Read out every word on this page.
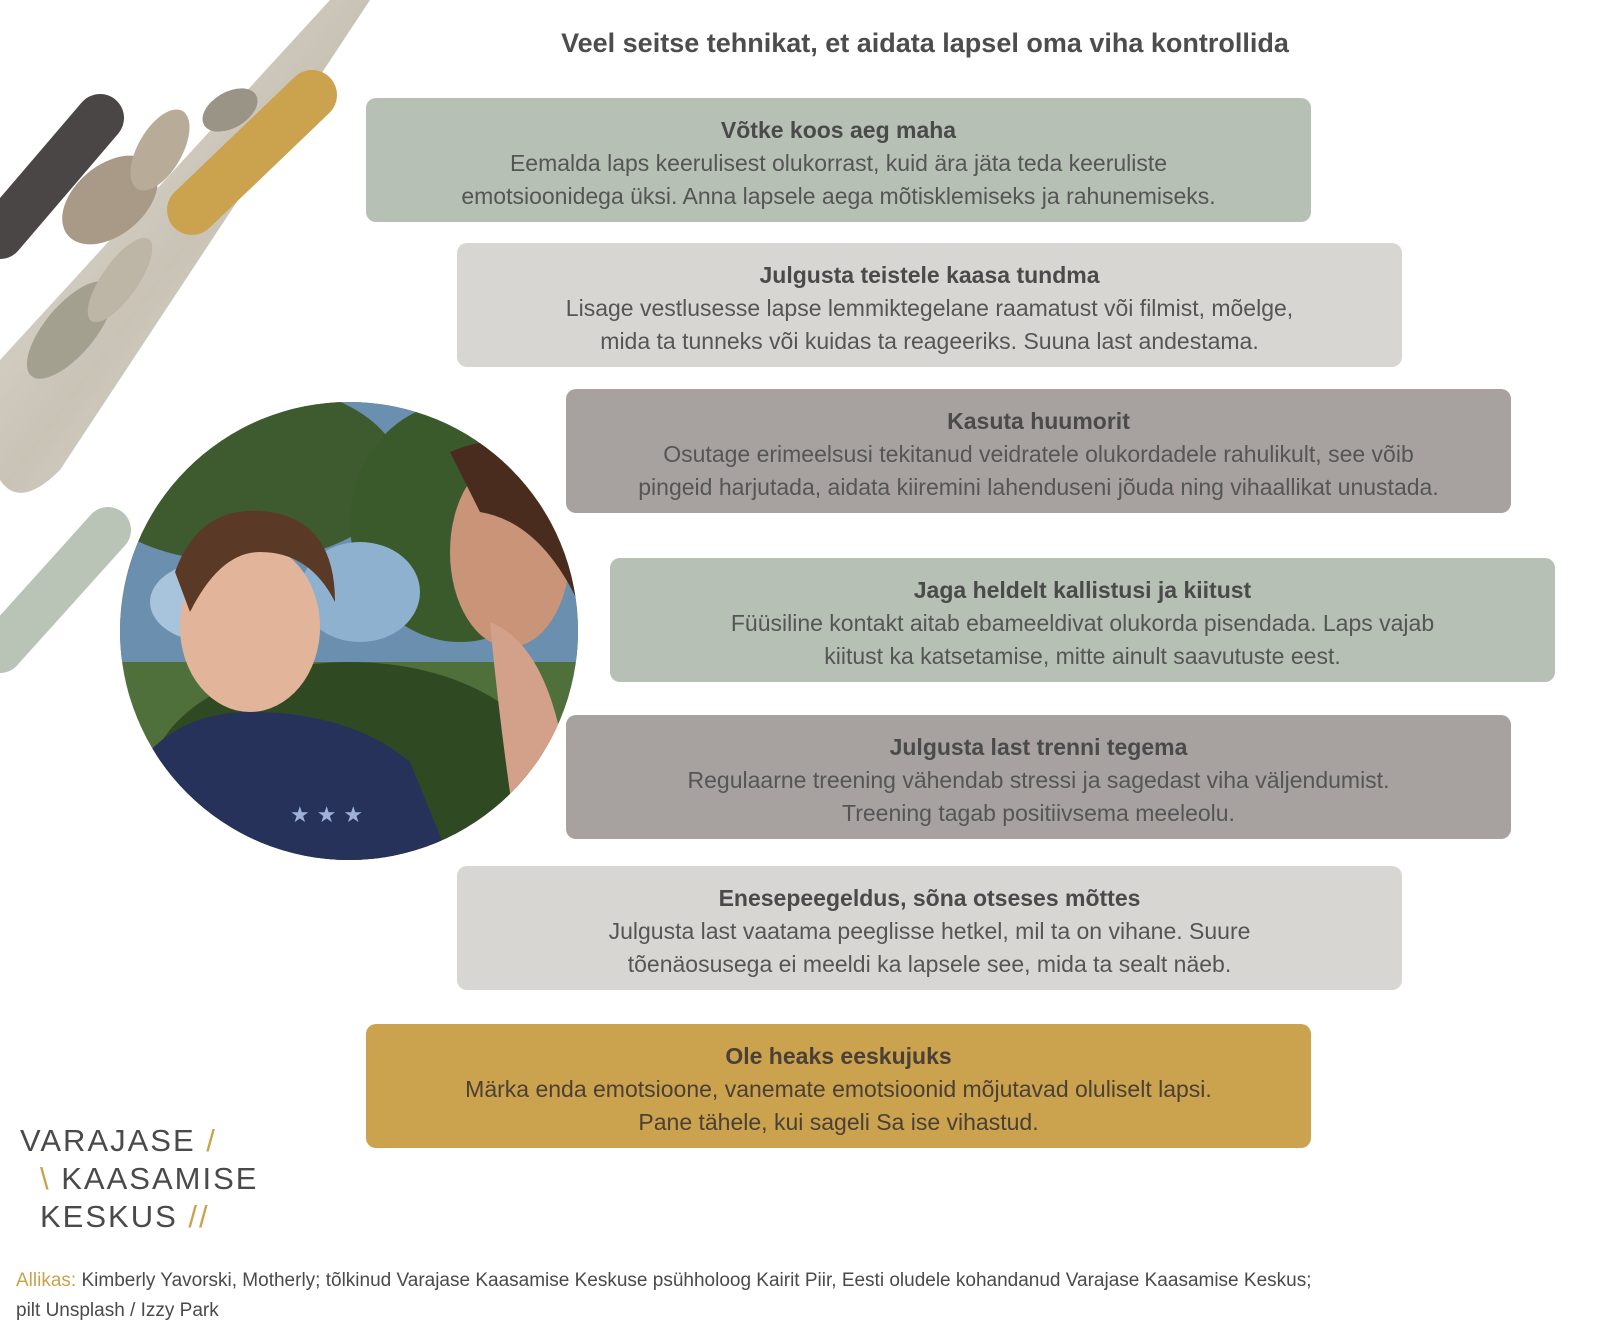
★ ★ ★
Veel seitse tehnikat, et aidata lapsel oma viha kontrollida
Võtke koos aeg maha
Eemalda laps keerulisest olukorrast, kuid ära jäta teda keeruliste
emotsioonidega üksi. Anna lapsele aega mõtisklemiseks ja rahunemiseks.
Julgusta teistele kaasa tundma
Lisage vestlusesse lapse lemmiktegelane raamatust või filmist, mõelge,
mida ta tunneks või kuidas ta reageeriks. Suuna last andestama.
Kasuta huumorit
Osutage erimeelsusi tekitanud veidratele olukordadele rahulikult, see võib
pingeid harjutada, aidata kiiremini lahenduseni jõuda ning vihaallikat unustada.
Jaga heldelt kallistusi ja kiitust
Füüsiline kontakt aitab ebameeldivat olukorda pisendada. Laps vajab
kiitust ka katsetamise, mitte ainult saavutuste eest.
Julgusta last trenni tegema
Regulaarne treening vähendab stressi ja sagedast viha väljendumist.
Treening tagab positiivsema meeleolu.
Enesepeegeldus, sõna otseses mõttes
Julgusta last vaatama peeglisse hetkel, mil ta on vihane. Suure
tõenäosusega ei meeldi ka lapsele see, mida ta sealt näeb.
Ole heaks eeskujuks
Märka enda emotsioone, vanemate emotsioonid mõjutavad oluliselt lapsi.
Pane tähele, kui sageli Sa ise vihastud.
VARAJASE /
\ KAASAMISE
KESKUS //
Allikas: Kimberly Yavorski, Motherly; tõlkinud Varajase Kaasamise Keskuse psühholoog Kairit Piir, Eesti oludele kohandanud Varajase Kaasamise Keskus;
pilt Unsplash / Izzy Park
